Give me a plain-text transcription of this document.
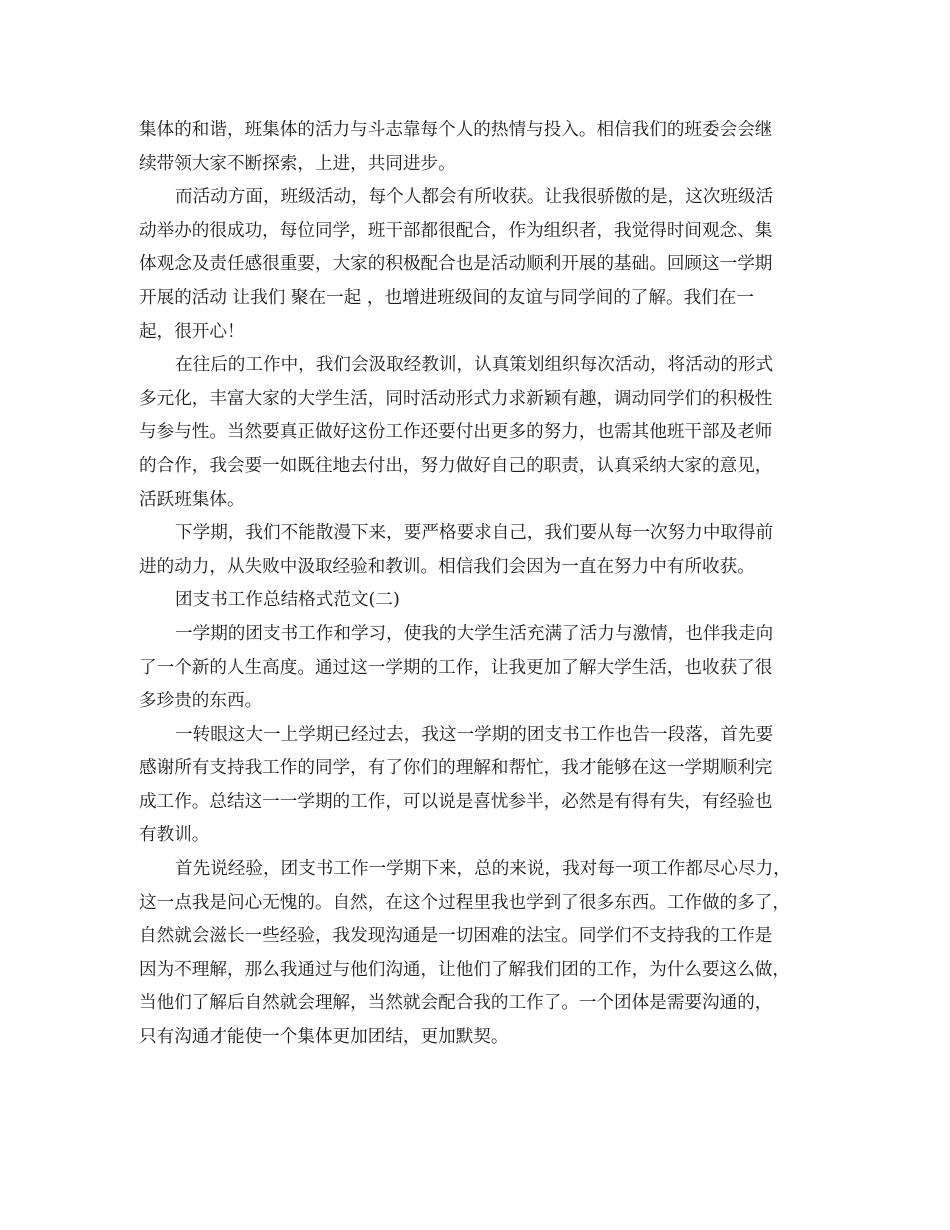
集体的和谐，班集体的活力与斗志靠每个人的热情与投入。相信我们的班委会会继
续带领大家不断探索，上进，共同进步。
而活动方面，班级活动，每个人都会有所收获。让我很骄傲的是，这次班级活
动举办的很成功，每位同学，班干部都很配合，作为组织者，我觉得时间观念、集
体观念及责任感很重要，大家的积极配合也是活动顺利开展的基础。回顾这一学期
开展的活动 让我们 聚在一起 ，也增进班级间的友谊与同学间的了解。我们在一
起，很开心！
在往后的工作中，我们会汲取经教训，认真策划组织每次活动，将活动的形式
多元化，丰富大家的大学生活，同时活动形式力求新颖有趣，调动同学们的积极性
与参与性。当然要真正做好这份工作还要付出更多的努力，也需其他班干部及老师
的合作，我会要一如既往地去付出，努力做好自己的职责，认真采纳大家的意见，
活跃班集体。
下学期，我们不能散漫下来，要严格要求自己，我们要从每一次努力中取得前
进的动力，从失败中汲取经验和教训。相信我们会因为一直在努力中有所收获。
团支书工作总结格式范文(二)
一学期的团支书工作和学习，使我的大学生活充满了活力与激情，也伴我走向
了一个新的人生高度。通过这一学期的工作，让我更加了解大学生活，也收获了很
多珍贵的东西。
一转眼这大一上学期已经过去，我这一学期的团支书工作也告一段落，首先要
感谢所有支持我工作的同学，有了你们的理解和帮忙，我才能够在这一学期顺利完
成工作。总结这一一学期的工作，可以说是喜忧参半，必然是有得有失，有经验也
有教训。
首先说经验，团支书工作一学期下来，总的来说，我对每一项工作都尽心尽力，
这一点我是问心无愧的。自然，在这个过程里我也学到了很多东西。工作做的多了，
自然就会滋长一些经验，我发现沟通是一切困难的法宝。同学们不支持我的工作是
因为不理解，那么我通过与他们沟通，让他们了解我们团的工作，为什么要这么做，
当他们了解后自然就会理解，当然就会配合我的工作了。一个团体是需要沟通的，
只有沟通才能使一个集体更加团结，更加默契。
